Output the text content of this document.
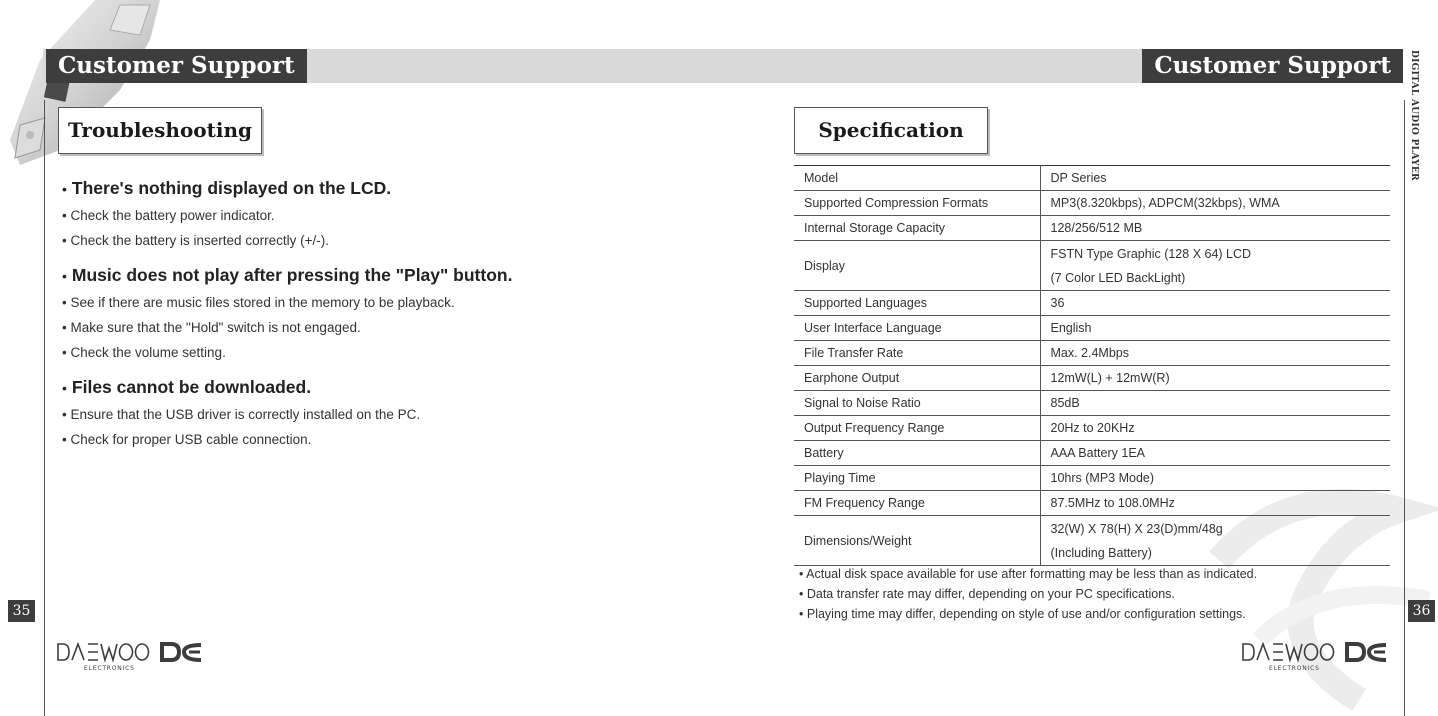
Customer Support
Troubleshooting
• There's nothing displayed on the LCD.
• Check the battery power indicator.
• Check the battery is inserted correctly (+/-).
• Music does not play after pressing the "Play" button.
• See if there are music files stored in the memory to be playback.
• Make sure that the "Hold" switch is not engaged.
• Check the volume setting.
• Files cannot be downloaded.
• Ensure that the USB driver is correctly installed on the PC.
• Check for proper USB cable connection.
35
ELECTRONICS
Customer Support	DIGITAL AUDIO PLAYER
Specification
Model	DP Series

Supported Compression Formats	MP3(8.320kbps), ADPCM(32kbps), WMA

Internal Storage Capacity	128/256/512 MB

Display	FSTN Type Graphic (128 X 64) LCD
(7 Color LED BackLight)

Supported Languages	36

User Interface Language	English

File Transfer Rate	Max. 2.4Mbps

Earphone Output	12mW(L) + 12mW(R)

Signal to Noise Ratio	85dB

Output Frequency Range	20Hz to 20KHz

Battery	AAA Battery 1EA

Playing Time	10hrs (MP3 Mode)

FM Frequency Range	87.5MHz to 108.0MHz

Dimensions/Weight	32(W) X 78(H) X 23(D)mm/48g
(Including Battery)
• Actual disk space available for use after formatting may be less than as indicated.
• Data transfer rate may differ, depending on your PC specifications.
• Playing time may differ, depending on style of use and/or configuration settings.	36
ELECTRONICS
